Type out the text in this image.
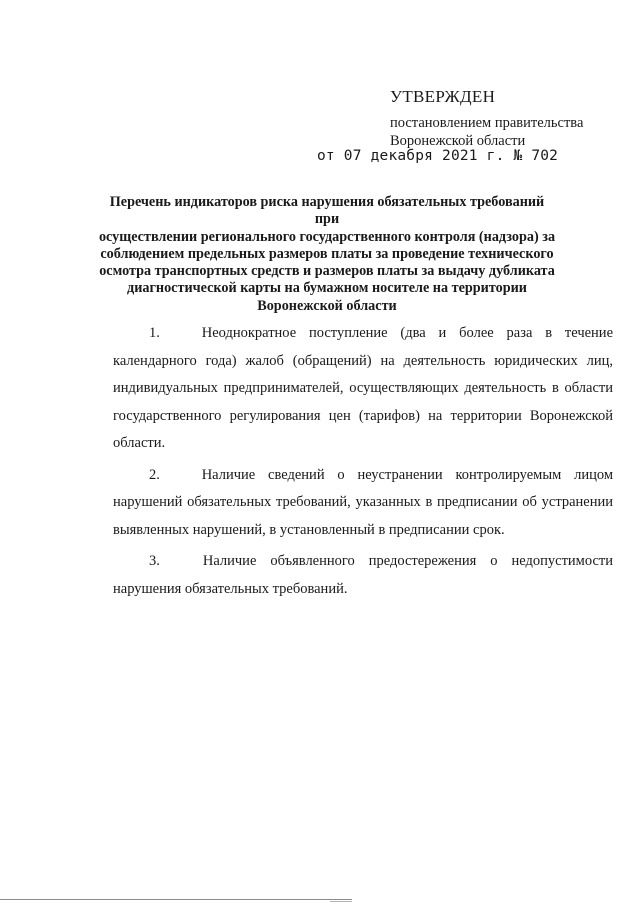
УТВЕРЖДЕН
постановлением правительства
Воронежской области
от 07 декабря 2021 г. № 702
Перечень индикаторов риска нарушения обязательных требований при
осуществлении регионального государственного контроля (надзора) за
соблюдением предельных размеров платы за проведение технического
осмотра транспортных средств и размеров платы за выдачу дубликата
диагностической карты на бумажном носителе на территории
Воронежской области

1.  	Неоднократное поступление (два и более раза в течение календарного года) жалоб (обращений) на деятельность юридических лиц, индивидуальных предпринимателей, осуществляющих деятельность в области государственного регулирования цен (тарифов) на территории Воронежской области.

2.  	Наличие сведений о неустранении контролируемым лицом нарушений обязательных требований, указанных в предписании об устранении выявленных нарушений, в установленный в предписании срок.

3.  	Наличие объявленного предостережения о недопустимости нарушения обязательных требований.
